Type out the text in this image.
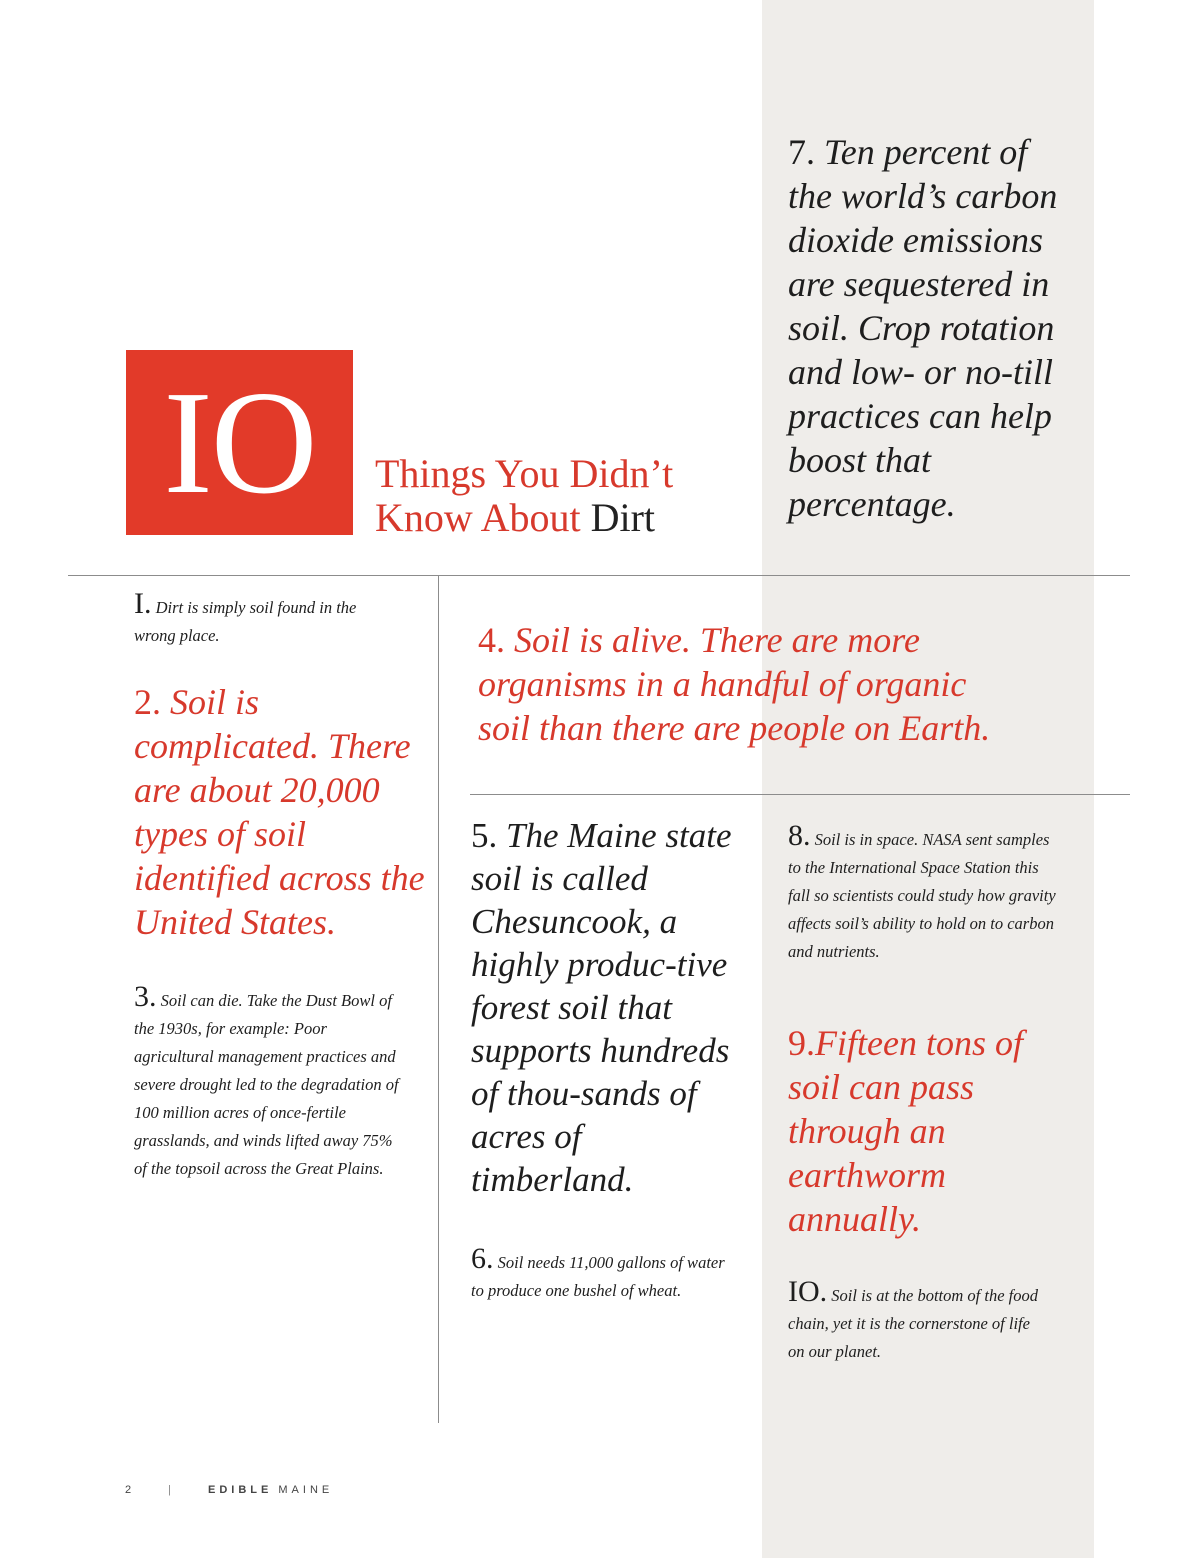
IO	Things You Didn’t
Know About Dirt
7. Ten percent of the world’s carbon dioxide emissions are sequestered in soil. Crop rotation and low- or no-till practices can help boost that percentage.
I. Dirt is simply soil found in the wrong place.
2. Soil is complicated. There are about 20,000 types of soil identified across the United States.
3. Soil can die. Take the Dust Bowl of the 1930s, for example: Poor agricultural management practices and severe drought led to the degradation of 100 million acres of once-fertile grasslands, and winds lifted away 75% of the topsoil across the Great Plains.
4. Soil is alive. There are more organisms in a handful of organic soil than there are people on Earth.
5. The Maine state soil is called Chesuncook, a highly produc-tive forest soil that supports hundreds of thou-sands of acres of timberland.
6. Soil needs 11,000 gallons of water to produce one bushel of wheat.
8. Soil is in space. NASA sent samples to the International Space Station this fall so scientists could study how gravity affects soil’s ability to hold on to carbon and nutrients.
9.Fifteen tons of soil can pass through an earthworm annually.
IO. Soil is at the bottom of the food chain, yet it is the cornerstone of life on our planet.
2	|	EDIBLE MAINE
